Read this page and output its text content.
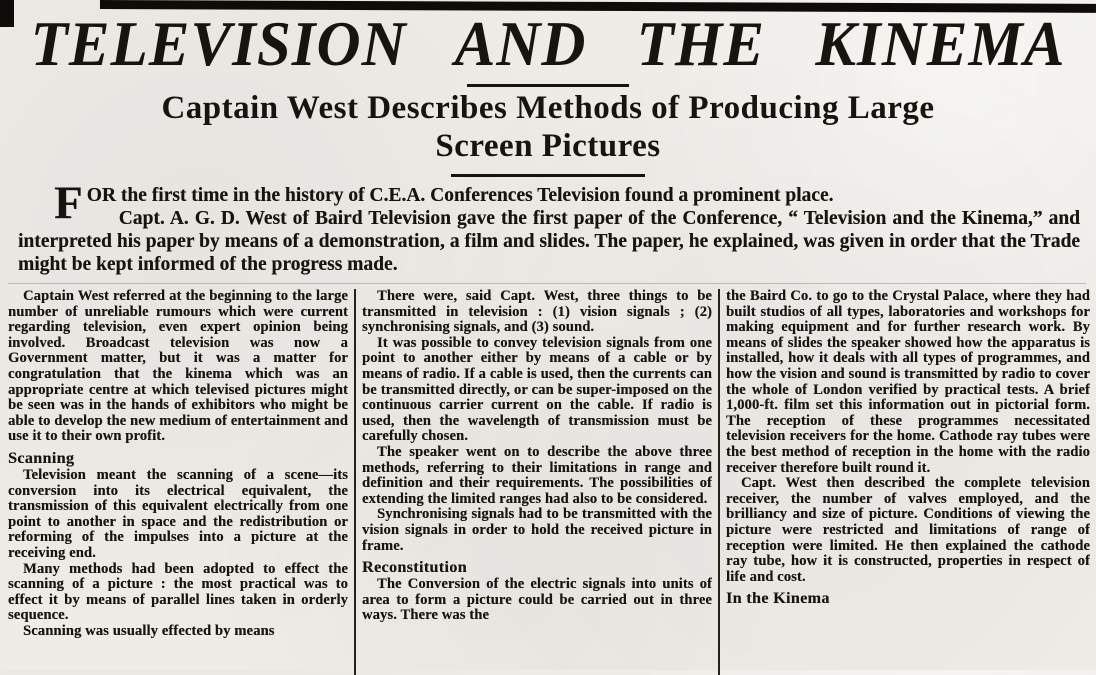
TELEVISION AND THE KINEMA
Captain West Describes Methods of Producing Large
Screen Pictures
F OR the first time in the history of C.E.A. Conferences Television found a prominent place.

Capt. A. G. D. West of Baird Television gave the first paper of the Conference, “ Television and the Kinema,” and interpreted his paper by means of a demonstration, a film and slides. The paper, he explained, was given in order that the Trade might be kept informed of the progress made.

Captain West referred at the beginning to the large number of unreliable rumours which were current regarding television, even expert opinion being involved. Broadcast television was now a Government matter, but it was a matter for congratulation that the kinema which was an appropriate centre at which televised pictures might be seen was in the hands of exhibitors who might be able to develop the new medium of entertainment and use it to their own profit.

Scanning

Television meant the scanning of a scene—its conversion into its electrical equivalent, the transmission of this equivalent electrically from one point to another in space and the redistribution or reforming of the impulses into a picture at the receiving end.

Many methods had been adopted to effect the scanning of a picture : the most practical was to effect it by means of parallel lines taken in orderly sequence.

Scanning was usually effected by means

There were, said Capt. West, three things to be transmitted in television : (1) vision signals ; (2) synchronising signals, and (3) sound.

It was possible to convey television signals from one point to another either by means of a cable or by means of radio. If a cable is used, then the currents can be transmitted directly, or can be super-imposed on the continuous carrier current on the cable. If radio is used, then the wavelength of transmission must be carefully chosen.

The speaker went on to describe the above three methods, referring to their limitations in range and definition and their requirements. The possibilities of extending the limited ranges had also to be considered.

Synchronising signals had to be transmitted with the vision signals in order to hold the received picture in frame.

Reconstitution

The Conversion of the electric signals into units of area to form a picture could be carried out in three ways. There was the

the Baird Co. to go to the Crystal Palace, where they had built studios of all types, laboratories and workshops for making equipment and for further research work. By means of slides the speaker showed how the apparatus is installed, how it deals with all types of programmes, and how the vision and sound is transmitted by radio to cover the whole of London verified by practical tests. A brief 1,000-ft. film set this information out in pictorial form. The reception of these programmes necessitated television receivers for the home. Cathode ray tubes were the best method of reception in the home with the radio receiver therefore built round it.

Capt. West then described the complete television receiver, the number of valves employed, and the brilliancy and size of picture. Conditions of viewing the picture were restricted and limitations of range of reception were limited. He then explained the cathode ray tube, how it is constructed, properties in respect of life and cost.

In the Kinema
